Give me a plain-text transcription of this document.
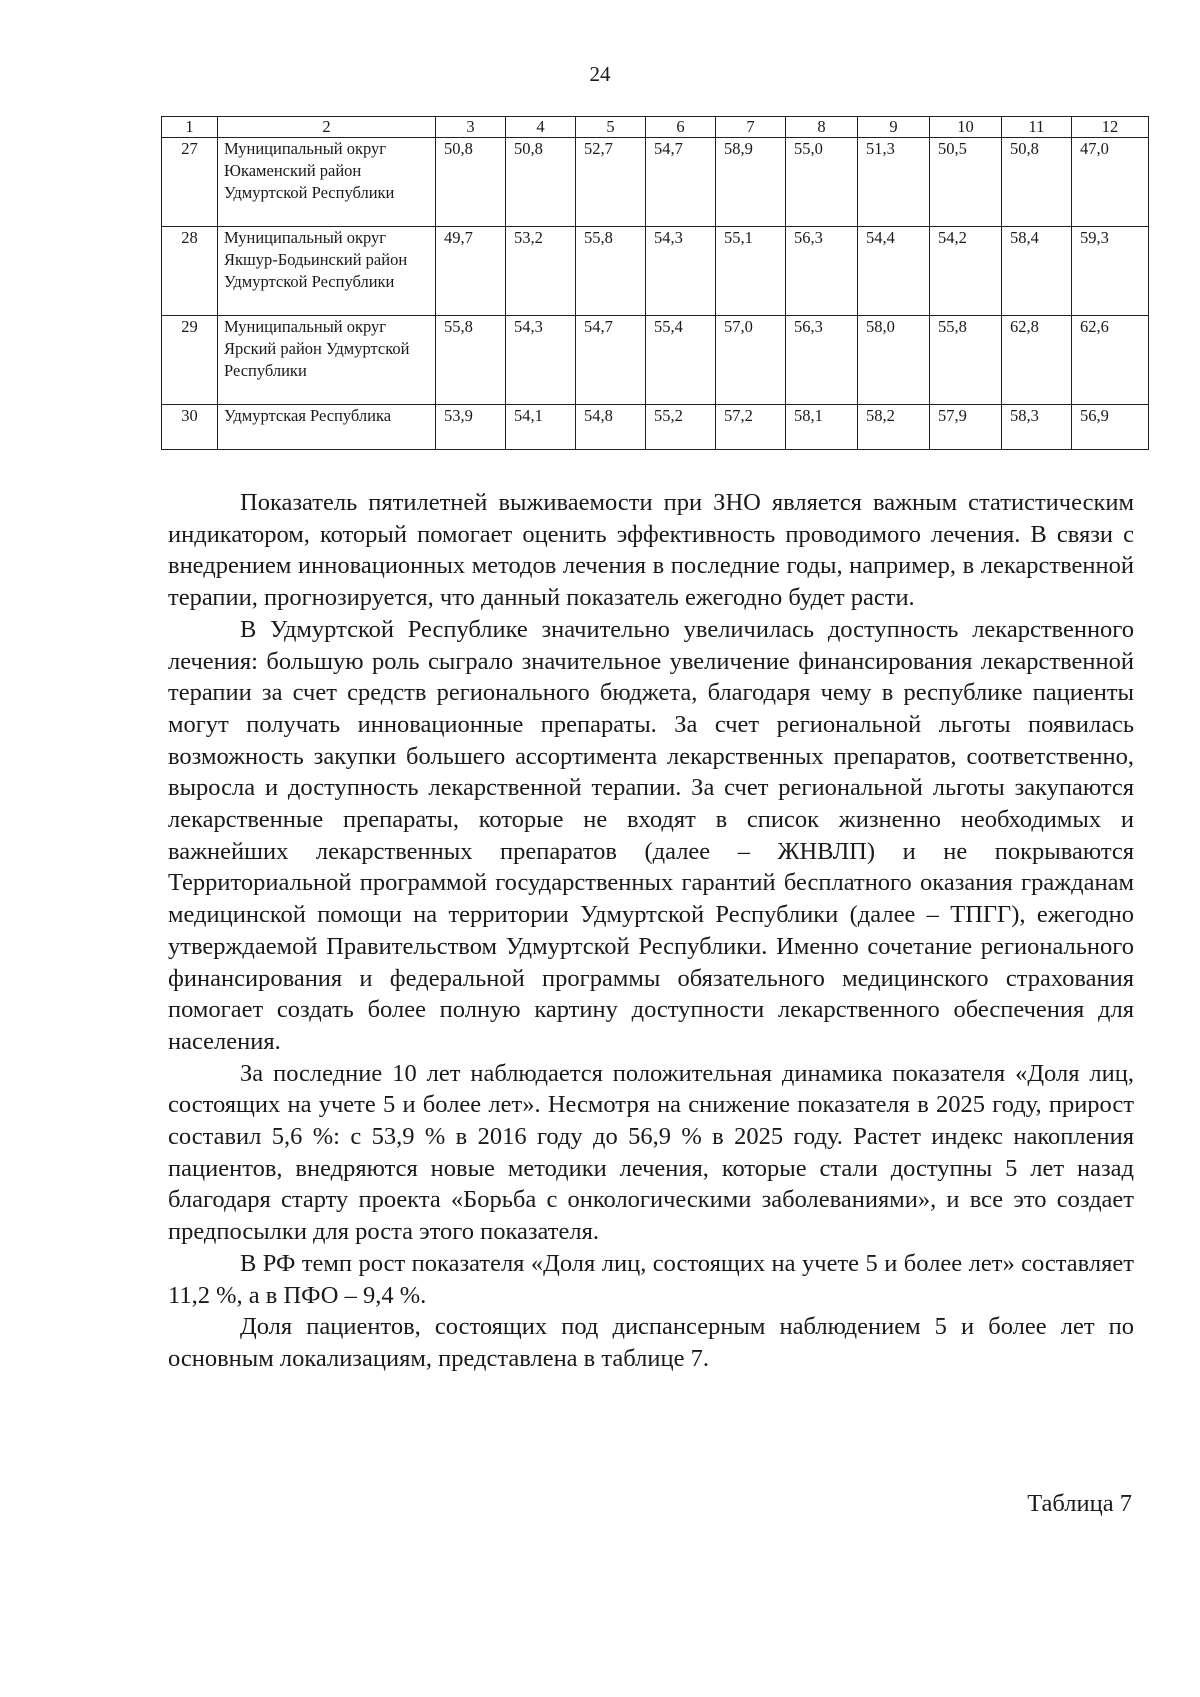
24
1	2	3	4	5	6	7	8	9	10	11	12
27	Муниципальный округ Юкаменский район Удмуртской Республики	50,8	50,8	52,7	54,7	58,9	55,0	51,3	50,5	50,8	47,0
28	Муниципальный округ Якшур-Бодьинский район Удмуртской Республики	49,7	53,2	55,8	54,3	55,1	56,3	54,4	54,2	58,4	59,3
29	Муниципальный округ Ярский район Удмуртской Республики	55,8	54,3	54,7	55,4	57,0	56,3	58,0	55,8	62,8	62,6
30	Удмуртская Республика	53,9	54,1	54,8	55,2	57,2	58,1	58,2	57,9	58,3	56,9

Показатель пятилетней выживаемости при ЗНО является важным статистическим индикатором, который помогает оценить эффективность проводимого лечения. В связи с внедрением инновационных методов лечения в последние годы, например, в лекарственной терапии, прогнозируется, что данный показатель ежегодно будет расти.

В Удмуртской Республике значительно увеличилась доступность лекарственного лечения: большую роль сыграло значительное увеличение финансирования лекарственной терапии за счет средств регионального бюджета, благодаря чему в республике пациенты могут получать инновационные препараты. За счет региональной льготы появилась возможность закупки большего ассортимента лекарственных препаратов, соответственно, выросла и доступность лекарственной терапии. За счет региональной льготы закупаются лекарственные препараты, которые не входят в список жизненно необходимых и важнейших лекарственных препаратов (далее – ЖНВЛП) и не покрываются Территориальной программой государственных гарантий бесплатного оказания гражданам медицинской помощи на территории Удмуртской Республики (далее – ТПГГ), ежегодно утверждаемой Правительством Удмуртской Республики. Именно сочетание регионального финансирования и федеральной программы обязательного медицинского страхования помогает создать более полную картину доступности лекарственного обеспечения для населения.

За последние 10 лет наблюдается положительная динамика показателя «Доля лиц, состоящих на учете 5 и более лет». Несмотря на снижение показателя в 2025 году, прирост составил 5,6 %: с 53,9 % в 2016 году до 56,9 % в 2025 году. Растет индекс накопления пациентов, внедряются новые методики лечения, которые стали доступны 5 лет назад благодаря старту проекта «Борьба с онкологическими заболеваниями», и все это создает предпосылки для роста этого показателя.

В РФ темп рост показателя «Доля лиц, состоящих на учете 5 и более лет» составляет 11,2 %, а в ПФО – 9,4 %.

Доля пациентов, состоящих под диспансерным наблюдением 5 и более лет по основным локализациям, представлена в таблице 7.

Таблица 7
